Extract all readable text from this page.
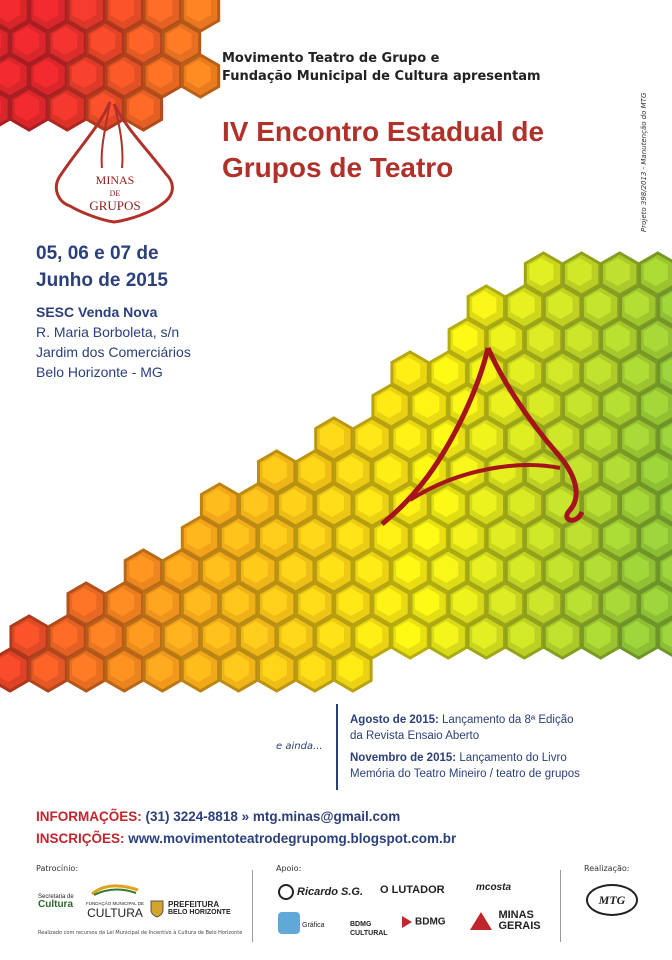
MINAS
DE
GRUPOS
Movimento Teatro de Grupo e
Fundação Municipal de Cultura apresentam
IV Encontro Estadual de
Grupos de Teatro	Projeto 398/2013 - Manutenção do MTG
05, 06 e 07 de
Junho de 2015
SESC Venda Nova
R. Maria Borboleta, s/n
Jardim dos Comerciários
Belo Horizonte - MG
e ainda...
Agosto de 2015: Lançamento da 8ª Edição
da Revista Ensaio Aberto
Novembro de 2015: Lançamento do Livro
Memória do Teatro Mineiro / teatro de grupos
INFORMAÇÕES: (31) 3224-8818 » mtg.minas@gmail.com
INSCRIÇÕES: www.movimentoteatrodegrupomg.blogspot.com.br
Patrocínio:	Apoio:	Realização:
Secretaria de
Cultura	FUNDAÇÃO MUNICIPAL DE
CULTURA
PREFEITURA
BELO HORIZONTE
Realizado com recursos da Lei Municipal de Incentivo à Cultura de Belo Horizonte
Ricardo S.G. O LUTADOR	mcosta
Gráfica	BDMG CULTURAL
BDMG
MINAS
GERAIS
MTG
